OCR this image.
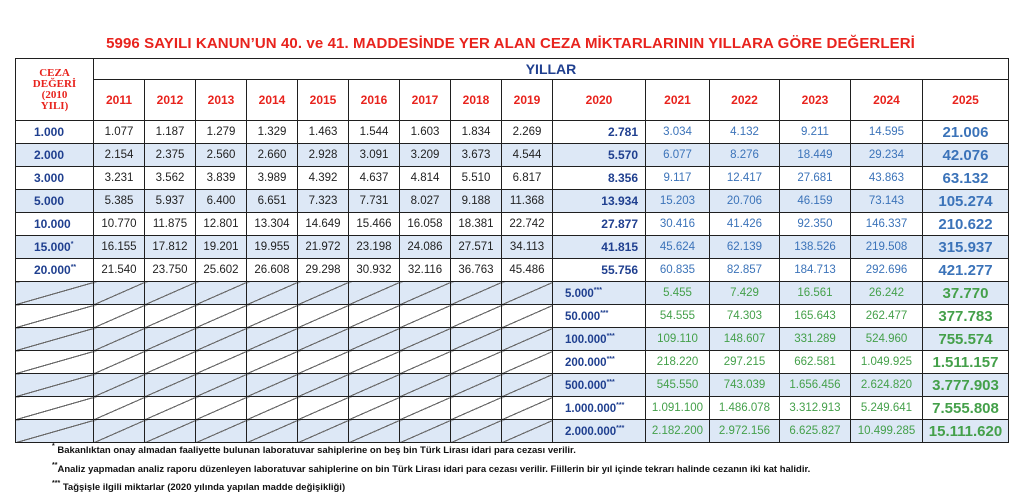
5996 SAYILI KANUN’UN 40. ve 41. MADDESİNDE YER ALAN CEZA MİKTARLARININ YILLARA GÖRE DEĞERLERİ
CEZA
DEĞERİ
(2010
YILI)	YILLAR														
	2011	2012	2013	2014	2015	2016	2017	2018	2019	2020	2021	2022	2023	2024	2025
1.000	1.077	1.187	1.279	1.329	1.463	1.544	1.603	1.834	2.269	2.781	3.034	4.132	9.211	14.595	21.006
2.000	2.154	2.375	2.560	2.660	2.928	3.091	3.209	3.673	4.544	5.570	6.077	8.276	18.449	29.234	42.076
3.000	3.231	3.562	3.839	3.989	4.392	4.637	4.814	5.510	6.817	8.356	9.117	12.417	27.681	43.863	63.132
5.000	5.385	5.937	6.400	6.651	7.323	7.731	8.027	9.188	11.368	13.934	15.203	20.706	46.159	73.143	105.274
10.000	10.770	11.875	12.801	13.304	14.649	15.466	16.058	18.381	22.742	27.877	30.416	41.426	92.350	146.337	210.622
15.000*	16.155	17.812	19.201	19.955	21.972	23.198	24.086	27.571	34.113	41.815	45.624	62.139	138.526	219.508	315.937
20.000**	21.540	23.750	25.602	26.608	29.298	30.932	32.116	36.763	45.486	55.756	60.835	82.857	184.713	292.696	421.277
										5.000***	5.455	7.429	16.561	26.242	37.770
										50.000***	54.555	74.303	165.643	262.477	377.783
										100.000***	109.110	148.607	331.289	524.960	755.574
										200.000***	218.220	297.215	662.581	1.049.925	1.511.157
										500.000***	545.550	743.039	1.656.456	2.624.820	3.777.903
										1.000.000***	1.091.100	1.486.078	3.312.913	5.249.641	7.555.808
										2.000.000***	2.182.200	2.972.156	6.625.827	10.499.285	15.111.620
* Bakanlıktan onay almadan faaliyette bulunan laboratuvar sahiplerine on beş bin Türk Lirası idari para cezası verilir.
**Analiz yapmadan analiz raporu düzenleyen laboratuvar sahiplerine on bin Türk Lirası idari para cezası verilir. Fiillerin bir yıl içinde tekrarı halinde cezanın iki kat halidir.
*** Tağşişle ilgili miktarlar (2020 yılında yapılan madde değişikliği)
